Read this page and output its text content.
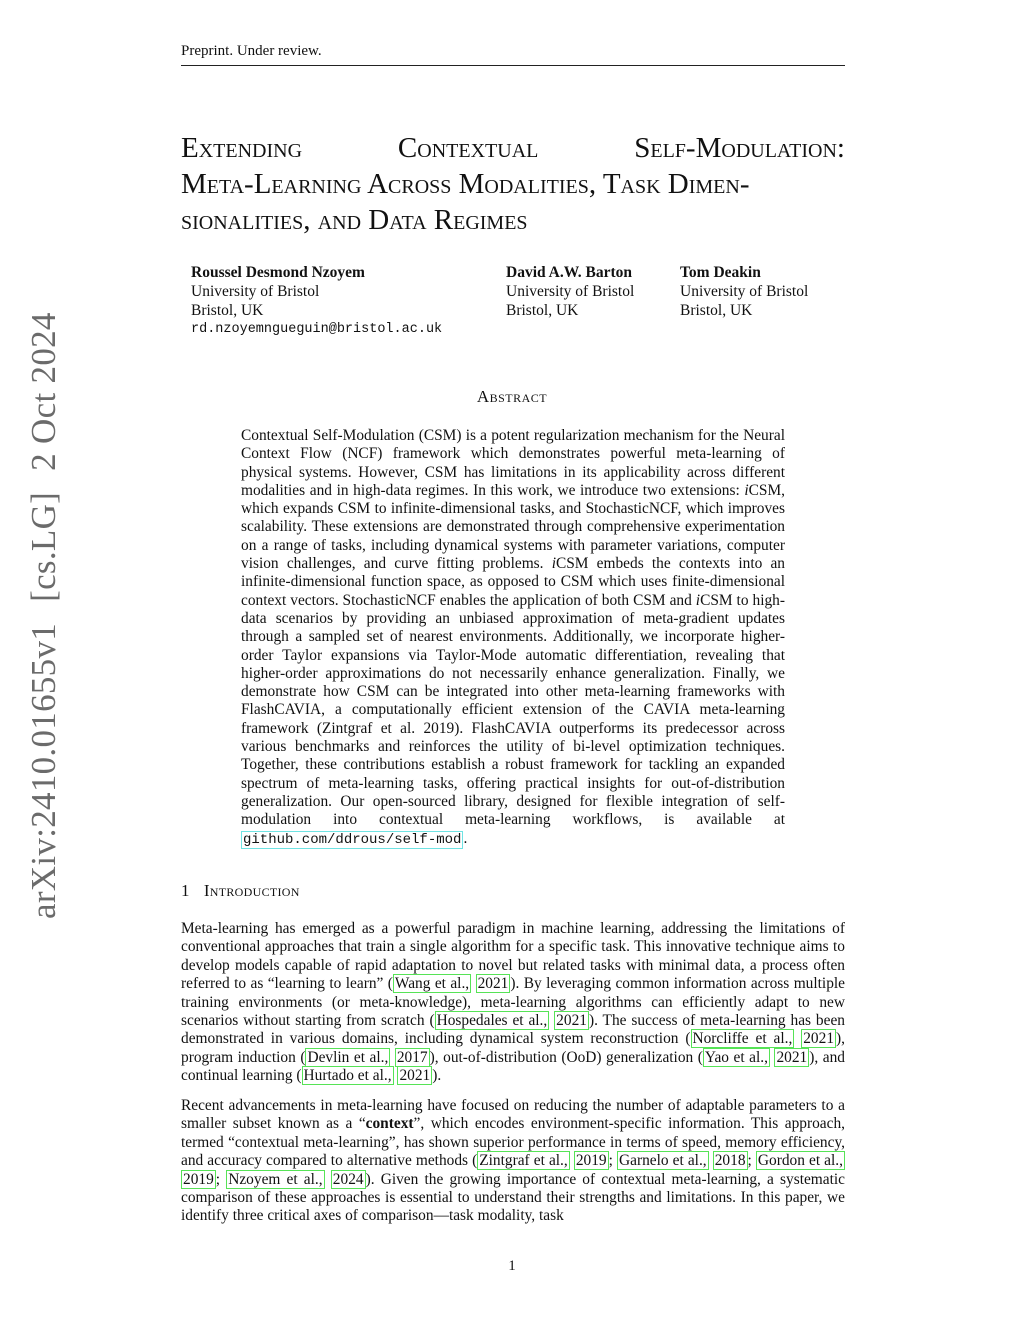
Preprint. Under review.
arXiv:2410.01655v1 [cs.LG] 2 Oct 2024
Extending	Contextual	Self-Modulation:
Meta-Learning Across Modalities, Task Dimen-
sionalities, and Data Regimes
Roussel Desmond Nzoyem
University of Bristol
Bristol, UK
rd.nzoyemngueguin@bristol.ac.uk
David A.W. Barton
University of Bristol
Bristol, UK
Tom Deakin
University of Bristol
Bristol, UK
Abstract
Contextual Self-Modulation (CSM) is a potent regularization mechanism for the Neural Context Flow (NCF) framework which demonstrates powerful meta-learning of physical systems. However, CSM has limitations in its applicability across different modalities and in high-data regimes. In this work, we introduce two extensions: iCSM, which expands CSM to infinite-dimensional tasks, and StochasticNCF, which improves scalability. These extensions are demonstrated through comprehensive experimentation on a range of tasks, including dynamical systems with parameter variations, computer vision challenges, and curve fitting problems. iCSM embeds the contexts into an infinite-dimensional function space, as opposed to CSM which uses finite-dimensional context vectors. StochasticNCF enables the application of both CSM and iCSM to high-data scenarios by providing an unbiased approximation of meta-gradient updates through a sampled set of nearest environments. Additionally, we incorporate higher-order Taylor expansions via Taylor-Mode automatic differentiation, revealing that higher-order approximations do not necessarily enhance generalization. Finally, we demonstrate how CSM can be integrated into other meta-learning frameworks with FlashCAVIA, a computationally efficient extension of the CAVIA meta-learning framework (Zintgraf et al. 2019). FlashCAVIA outperforms its predecessor across various benchmarks and reinforces the utility of bi-level optimization techniques. Together, these contributions establish a robust framework for tackling an expanded spectrum of meta-learning tasks, offering practical insights for out-of-distribution generalization. Our open-sourced library, designed for flexible integration of self-modulation into contextual meta-learning workflows, is available at github.com/ddrous/self-mod .
1 Introduction
Meta-learning has emerged as a powerful paradigm in machine learning, addressing the limitations of conventional approaches that train a single algorithm for a specific task. This innovative technique aims to develop models capable of rapid adaptation to novel but related tasks with minimal data, a process often referred to as “learning to learn” ( Wang et al., 2021 ). By leveraging common information across multiple training environments (or meta-knowledge), meta-learning algorithms can efficiently adapt to new scenarios without starting from scratch ( Hospedales et al., 2021 ). The success of meta-learning has been demonstrated in various domains, including dynamical system reconstruction ( Norcliffe et al., 2021 ), program induction ( Devlin et al., 2017 ), out-of-distribution (OoD) generalization ( Yao et al., 2021 ), and continual learning ( Hurtado et al., 2021 ).
Recent advancements in meta-learning have focused on reducing the number of adaptable parameters to a smaller subset known as a “context”, which encodes environment-specific information. This approach, termed “contextual meta-learning”, has shown superior performance in terms of speed, memory efficiency, and accuracy compared to alternative methods ( Zintgraf et al., 2019 ; Garnelo et al., 2018 ; Gordon et al., 2019 ; Nzoyem et al., 2024 ). Given the growing importance of contextual meta-learning, a systematic comparison of these approaches is essential to understand their strengths and limitations. In this paper, we identify three critical axes of comparison—task modality, task
1
